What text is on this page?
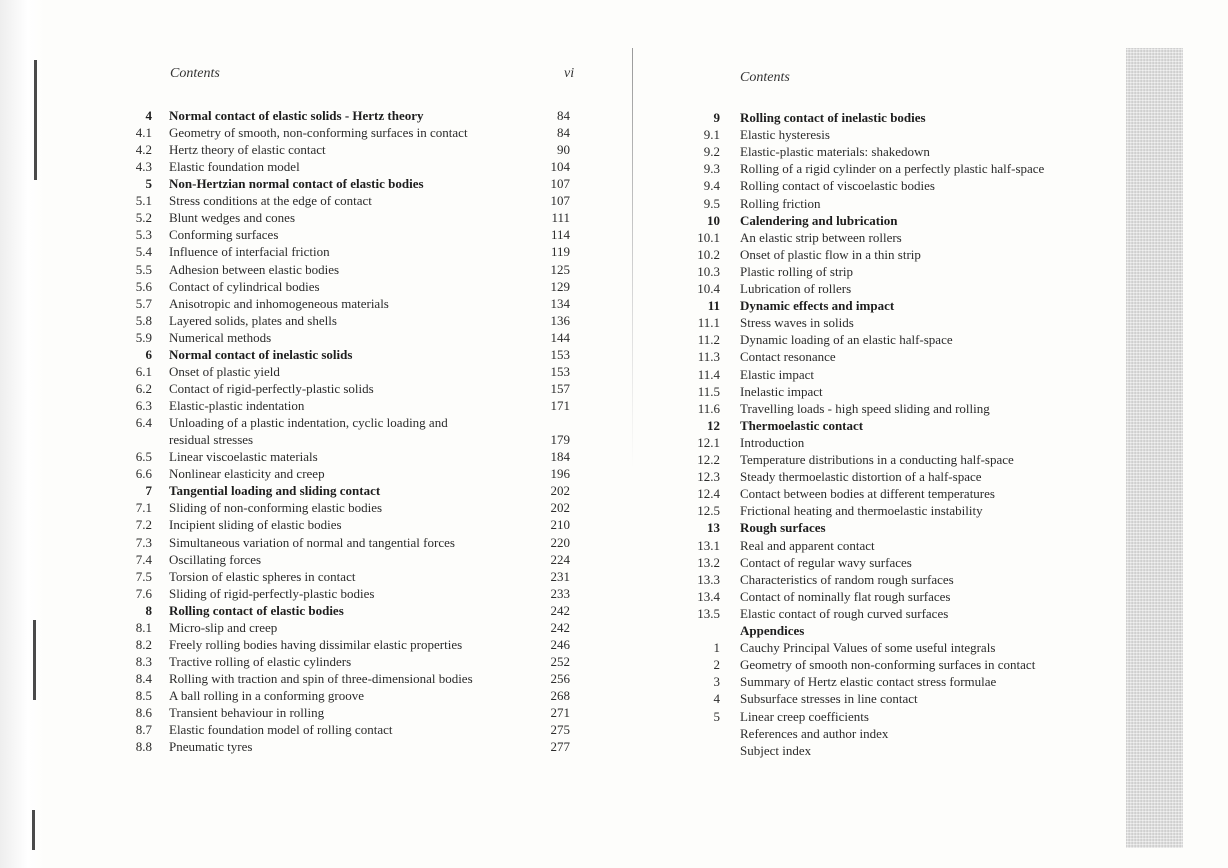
Contents	vi
4 Normal contact of elastic solids - Hertz theory	84
4.1 Geometry of smooth, non-conforming surfaces in contact	84
4.2 Hertz theory of elastic contact	90
4.3 Elastic foundation model	104
5 Non-Hertzian normal contact of elastic bodies	107
5.1 Stress conditions at the edge of contact	107
5.2 Blunt wedges and cones	111
5.3 Conforming surfaces	114
5.4 Influence of interfacial friction	119
5.5 Adhesion between elastic bodies	125
5.6 Contact of cylindrical bodies	129
5.7 Anisotropic and inhomogeneous materials	134
5.8 Layered solids, plates and shells	136
5.9 Numerical methods	144
6 Normal contact of inelastic solids	153
6.1 Onset of plastic yield	153
6.2 Contact of rigid-perfectly-plastic solids	157
6.3 Elastic-plastic indentation	171
6.4 Unloading of a plastic indentation, cyclic loading and
residual stresses	179
6.5 Linear viscoelastic materials	184
6.6 Nonlinear elasticity and creep	196
7 Tangential loading and sliding contact	202
7.1 Sliding of non-conforming elastic bodies	202
7.2 Incipient sliding of elastic bodies	210
7.3 Simultaneous variation of normal and tangential forces	220
7.4 Oscillating forces	224
7.5 Torsion of elastic spheres in contact	231
7.6 Sliding of rigid-perfectly-plastic bodies	233
8 Rolling contact of elastic bodies	242
8.1 Micro-slip and creep	242
8.2 Freely rolling bodies having dissimilar elastic properties	246
8.3 Tractive rolling of elastic cylinders	252
8.4 Rolling with traction and spin of three-dimensional bodies	256
8.5 A ball rolling in a conforming groove	268
8.6 Transient behaviour in rolling	271
8.7 Elastic foundation model of rolling contact	275
8.8 Pneumatic tyres	277
Contents
9 Rolling contact of inelastic bodies
9.1 Elastic hysteresis
9.2 Elastic-plastic materials: shakedown
9.3 Rolling of a rigid cylinder on a perfectly plastic half-space
9.4 Rolling contact of viscoelastic bodies
9.5 Rolling friction
10 Calendering and lubrication
10.1 An elastic strip between rollers
10.2 Onset of plastic flow in a thin strip
10.3 Plastic rolling of strip
10.4 Lubrication of rollers
11 Dynamic effects and impact
11.1 Stress waves in solids
11.2 Dynamic loading of an elastic half-space
11.3 Contact resonance
11.4 Elastic impact
11.5 Inelastic impact
11.6 Travelling loads - high speed sliding and rolling
12 Thermoelastic contact
12.1 Introduction
12.2 Temperature distributions in a conducting half-space
12.3 Steady thermoelastic distortion of a half-space
12.4 Contact between bodies at different temperatures
12.5 Frictional heating and thermoelastic instability
13 Rough surfaces
13.1 Real and apparent contact
13.2 Contact of regular wavy surfaces
13.3 Characteristics of random rough surfaces
13.4 Contact of nominally flat rough surfaces
13.5 Elastic contact of rough curved surfaces
Appendices
1 Cauchy Principal Values of some useful integrals
2 Geometry of smooth non-conforming surfaces in contact
3 Summary of Hertz elastic contact stress formulae
4 Subsurface stresses in line contact
5 Linear creep coefficients
References and author index
Subject index
